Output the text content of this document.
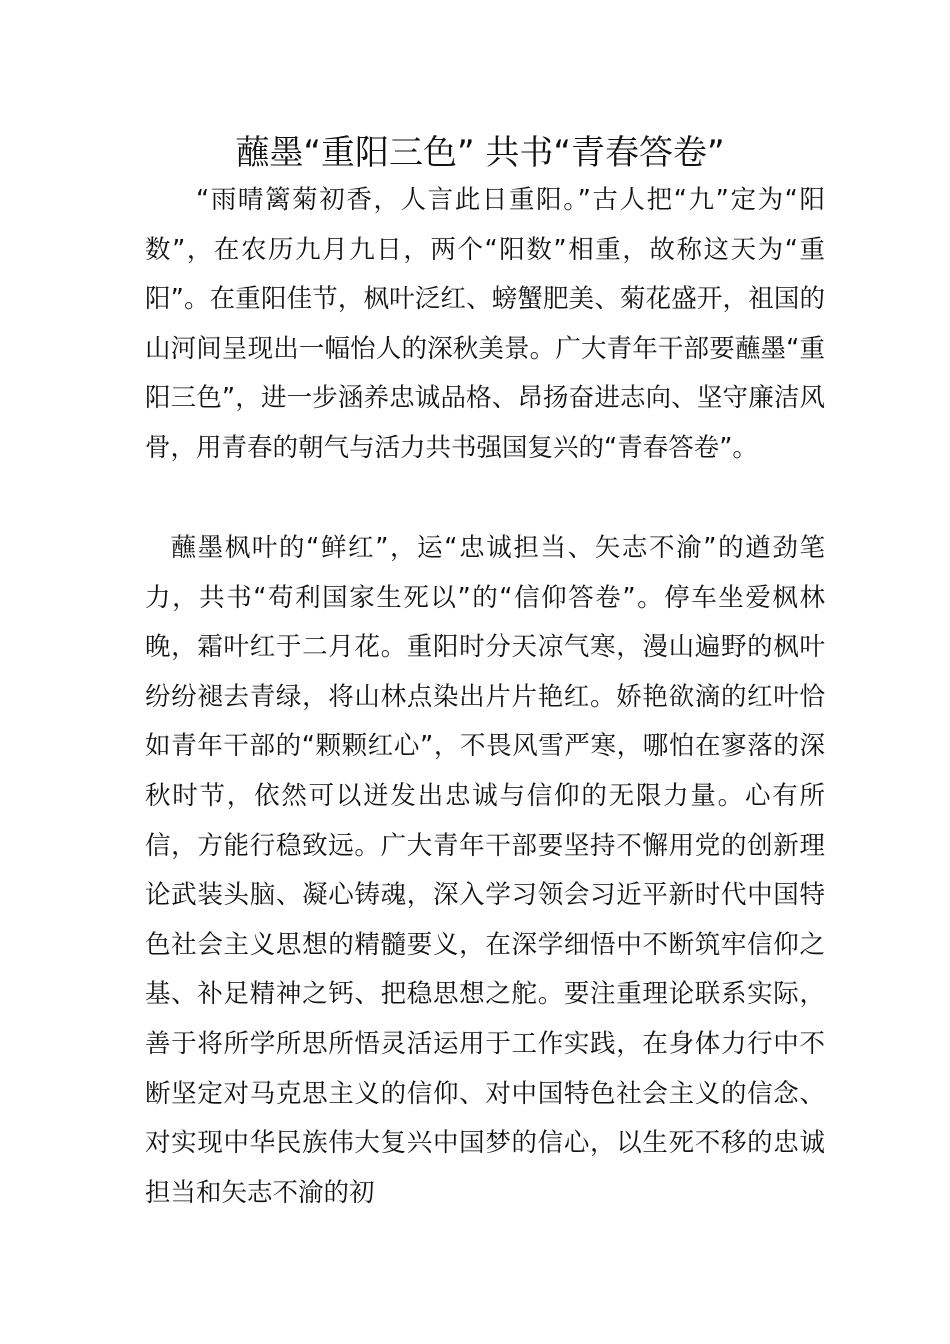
蘸墨“重阳三色” 共书“青春答卷”

“雨晴篱菊初香，人言此日重阳。”古人把“九”定为“阳数”，在农历九月九日，两个“阳数”相重，故称这天为“重阳”。在重阳佳节，枫叶泛红、螃蟹肥美、菊花盛开，祖国的山河间呈现出一幅怡人的深秋美景。广大青年干部要蘸墨“重阳三色”，进一步涵养忠诚品格、昂扬奋进志向、坚守廉洁风骨，用青春的朝气与活力共书强国复兴的“青春答卷”。

蘸墨枫叶的“鲜红”，运“忠诚担当、矢志不渝”的遒劲笔力，共书“苟利国家生死以”的“信仰答卷”。停车坐爱枫林晚，霜叶红于二月花。重阳时分天凉气寒，漫山遍野的枫叶纷纷褪去青绿，将山林点染出片片艳红。娇艳欲滴的红叶恰如青年干部的“颗颗红心”，不畏风雪严寒，哪怕在寥落的深秋时节，依然可以迸发出忠诚与信仰的无限力量。心有所信，方能行稳致远。广大青年干部要坚持不懈用党的创新理论武装头脑、凝心铸魂，深入学习领会习近平新时代中国特色社会主义思想的精髓要义，在深学细悟中不断筑牢信仰之基、补足精神之钙、把稳思想之舵。要注重理论联系实际，善于将所学所思所悟灵活运用于工作实践，在身体力行中不断坚定对马克思主义的信仰、对中国特色社会主义的信念、对实现中华民族伟大复兴中国梦的信心，以生死不移的忠诚担当和矢志不渝的初
